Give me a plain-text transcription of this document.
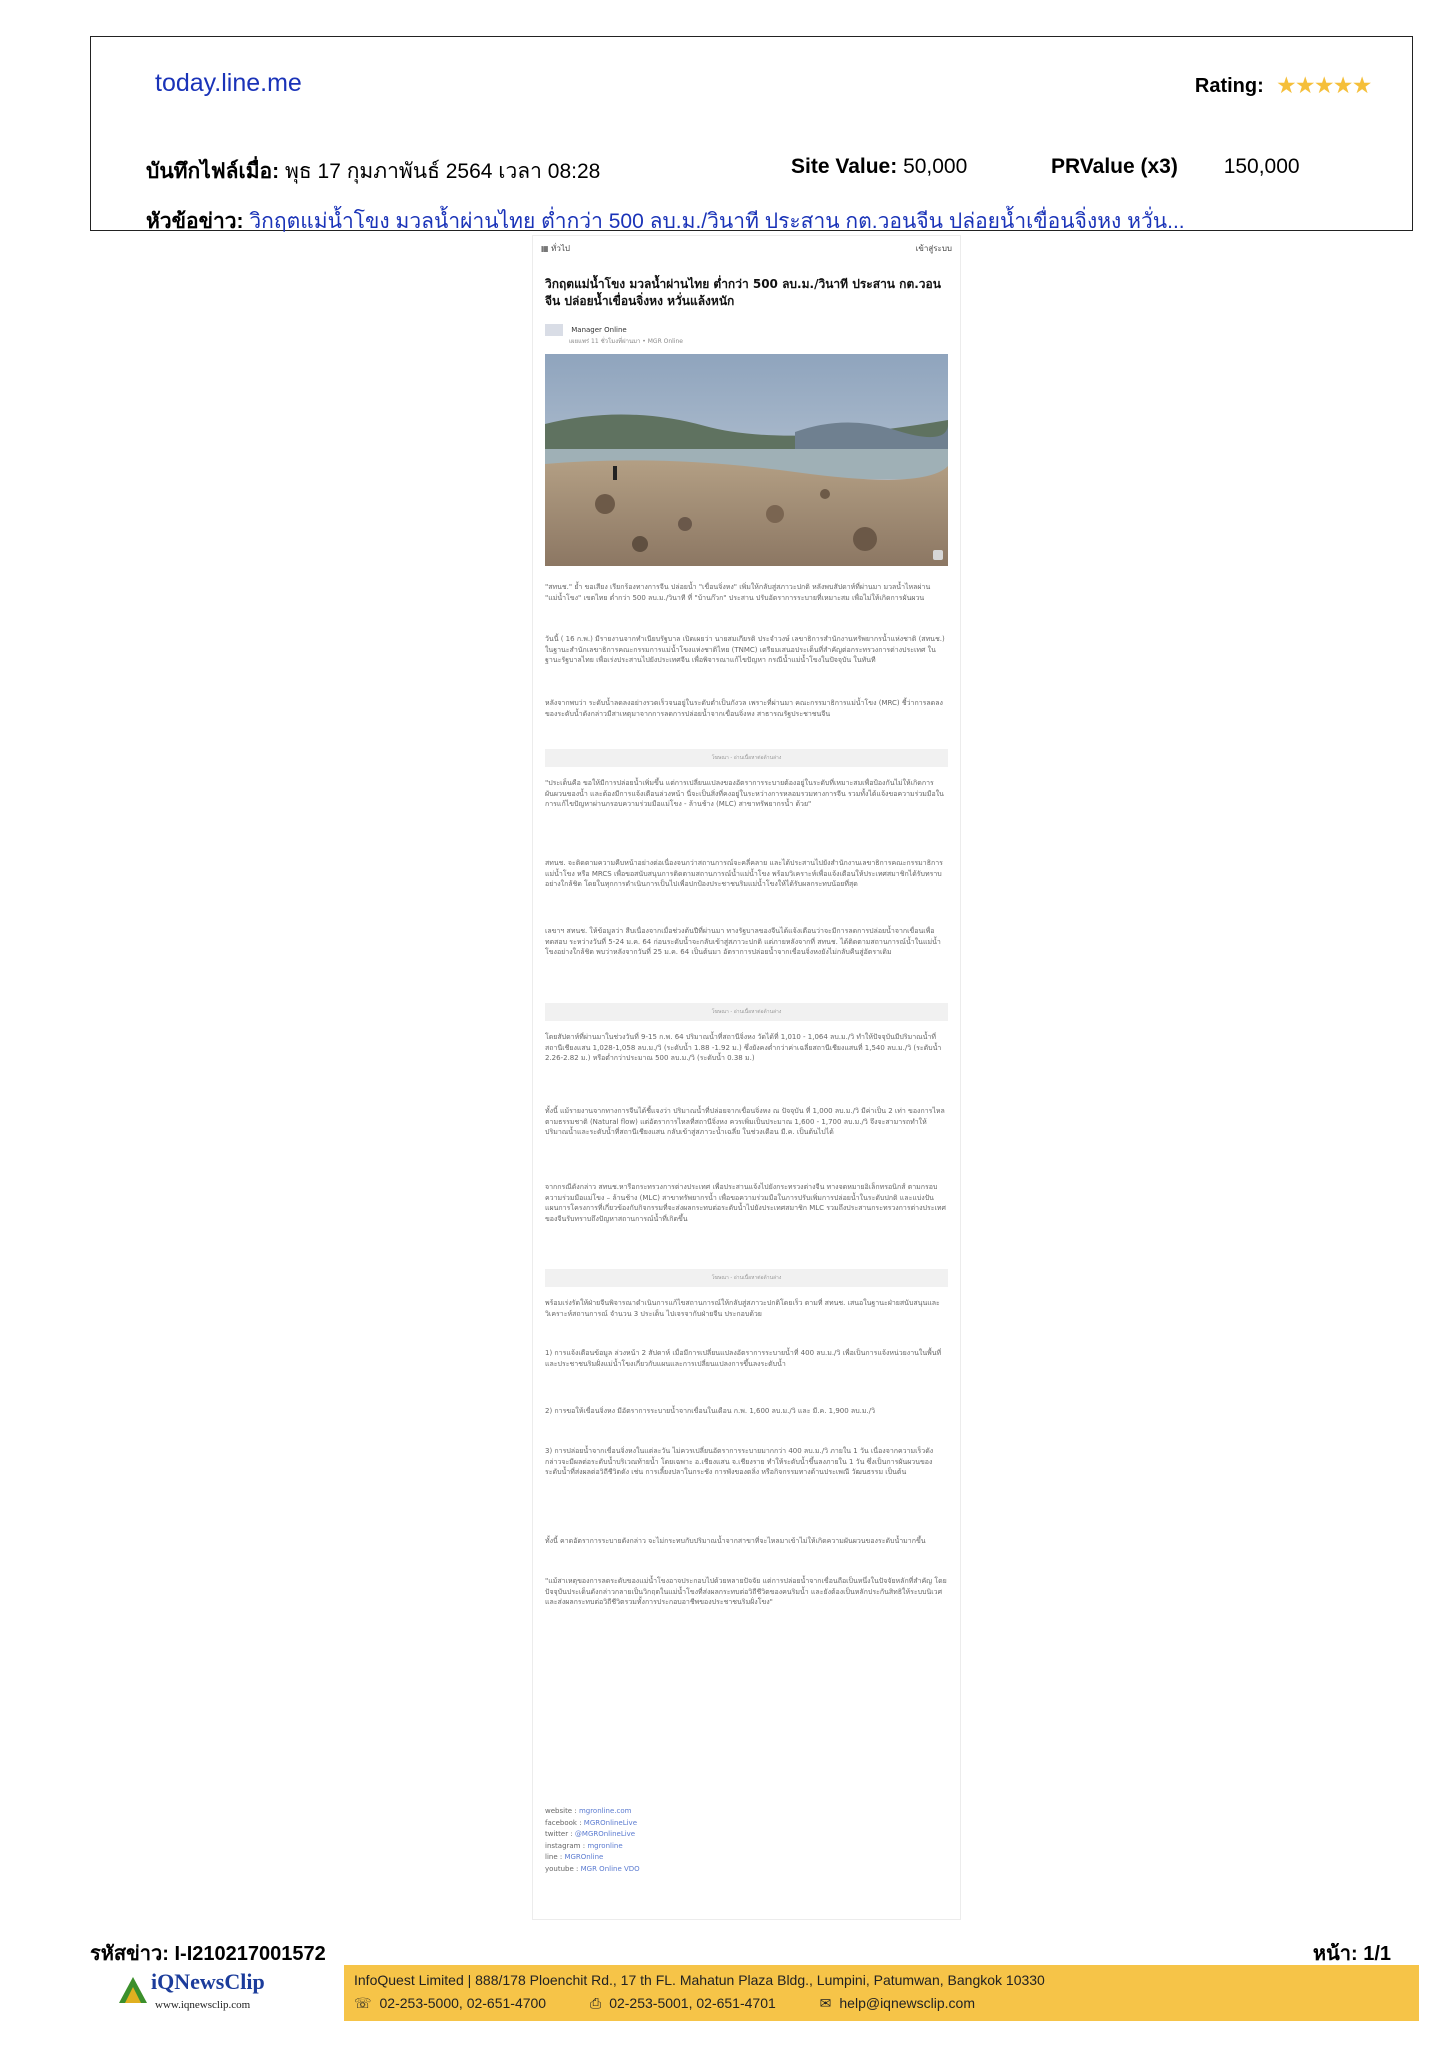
today.line.me	Rating: ★★★★★
บันทึกไฟล์เมื่อ: พุธ 17 กุมภาพันธ์ 2564 เวลา 08:28	Site Value: 50,000	PRValue (x3) 150,000
หัวข้อข่าว: วิกฤตแม่น้ำโขง มวลน้ำผ่านไทย ต่ำกว่า 500 ลบ.ม./วินาที ประสาน กต.วอนจีน ปล่อยน้ำเขื่อนจิ่งหง หวั่น...
▦ ทั่วไป	เข้าสู่ระบบ
วิกฤตแม่น้ำโขง มวลน้ำผ่านไทย ต่ำกว่า 500 ลบ.ม./วินาที ประสาน กต.วอนจีน ปล่อยน้ำเขื่อนจิ่งหง หวั่นแล้งหนัก
Manager Online
เผยแพร่ 11 ชั่วโมงที่ผ่านมา • MGR Online
"สทนช." ย้ำ ขอเสียง เรียกร้องทางการจีน ปล่อยน้ำ "เขื่อนจิ่งหง" เพิ่มให้กลับสู่สภาวะปกติ หลังพบสัปดาห์ที่ผ่านมา มวลน้ำไหลผ่าน "แม่น้ำโขง" เขตไทย ต่ำกว่า 500 ลบ.ม./วินาที ที่ "บ้านก๊วก" ประสาน ปรับอัตราการระบายที่เหมาะสม เพื่อไม่ให้เกิดการผันผวน
วันนี้ ( 16 ก.พ.) มีรายงานจากทำเนียบรัฐบาล เปิดเผยว่า นายสมเกียรติ ประจำวงษ์ เลขาธิการสำนักงานทรัพยากรน้ำแห่งชาติ (สทนช.) ในฐานะสำนักเลขาธิการคณะกรรมการแม่น้ำโขงแห่งชาติไทย (TNMC) เตรียมเสนอประเด็นที่สำคัญต่อกระทรวงการต่างประเทศ ในฐานะรัฐบาลไทย เพื่อเร่งประสานไปยังประเทศจีน เพื่อพิจารณาแก้ไขปัญหา กรณีน้ำแม่น้ำโขงในปัจจุบัน ในทันที
หลังจากพบว่า ระดับน้ำลดลงอย่างรวดเร็วจนอยู่ในระดับต่ำเป็นกังวล เพราะที่ผ่านมา คณะกรรมาธิการแม่น้ำโขง (MRC) ชี้ว่าการลดลงของระดับน้ำดังกล่าวมีสาเหตุมาจากการลดการปล่อยน้ำจากเขื่อนจิ่งหง สาธารณรัฐประชาชนจีน
โฆษณา - อ่านเนื้อหาต่อด้านล่าง
"ประเด็นคือ ขอให้มีการปล่อยน้ำเพิ่มขึ้น แต่การเปลี่ยนแปลงของอัตราการระบายต้องอยู่ในระดับที่เหมาะสมเพื่อป้องกันไม่ให้เกิดการผันผวนของน้ำ และต้องมีการแจ้งเตือนล่วงหน้า นี่จะเป็นสิ่งที่คงอยู่ในระหว่างการหลอมรวมทางการจีน รวมทั้งได้แจ้งขอความร่วมมือในการแก้ไขปัญหาผ่านกรอบความร่วมมือแม่โขง - ล้านช้าง (MLC) สาขาทรัพยากรน้ำ ด้วย"
สทนช. จะติดตามความคืบหน้าอย่างต่อเนื่องจนกว่าสถานการณ์จะคลี่คลาย และได้ประสานไปยังสำนักงานเลขาธิการคณะกรรมาธิการแม่น้ำโขง หรือ MRCS เพื่อขอสนับสนุนการติดตามสถานการณ์น้ำแม่น้ำโขง พร้อมวิเคราะห์เพื่อแจ้งเตือนให้ประเทศสมาชิกได้รับทราบอย่างใกล้ชิด โดยในทุกการดำเนินการเป็นไปเพื่อปกป้องประชาชนริมแม่น้ำโขงให้ได้รับผลกระทบน้อยที่สุด
เลขาฯ สทนช. ให้ข้อมูลว่า สืบเนื่องจากเมื่อช่วงต้นปีที่ผ่านมา ทางรัฐบาลของจีนได้แจ้งเตือนว่าจะมีการลดการปล่อยน้ำจากเขื่อนเพื่อทดสอบ ระหว่างวันที่ 5-24 ม.ค. 64 ก่อนระดับน้ำจะกลับเข้าสู่สภาวะปกติ แต่ภายหลังจากที่ สทนช. ได้ติดตามสถานการณ์น้ำในแม่น้ำโขงอย่างใกล้ชิด พบว่าหลังจากวันที่ 25 ม.ค. 64 เป็นต้นมา อัตราการปล่อยน้ำจากเขื่อนจิ่งหงยังไม่กลับคืนสู่อัตราเดิม
โฆษณา - อ่านเนื้อหาต่อด้านล่าง
โดยสัปดาห์ที่ผ่านมาในช่วงวันที่ 9-15 ก.พ. 64 ปริมาณน้ำที่สถานีจิ่งหง วัดได้ที่ 1,010 - 1,064 ลบ.ม./วิ ทำให้ปัจจุบันมีปริมาณน้ำที่สถานีเชียงแสน 1,028-1,058 ลบ.ม./วิ (ระดับน้ำ 1.88 -1.92 ม.) ซึ่งยังคงต่ำกว่าค่าเฉลี่ยสถานีเชียงแสนที่ 1,540 ลบ.ม./วิ (ระดับน้ำ 2.26-2.82 ม.) หรือต่ำกว่าประมาณ 500 ลบ.ม./วิ (ระดับน้ำ 0.38 ม.)
ทั้งนี้ แม้รายงานจากทางการจีนได้ชี้แจงว่า ปริมาณน้ำที่ปล่อยจากเขื่อนจิ่งหง ณ ปัจจุบัน ที่ 1,000 ลบ.ม./วิ มีค่าเป็น 2 เท่า ของการไหลตามธรรมชาติ (Natural flow) แต่อัตราการไหลที่สถานีจิ่งหง ควรเพิ่มเป็นประมาณ 1,600 - 1,700 ลบ.ม./วิ จึงจะสามารถทำให้ปริมาณน้ำและระดับน้ำที่สถานีเชียงแสน กลับเข้าสู่สภาวะน้ำเฉลี่ย ในช่วงเดือน มี.ค. เป็นต้นไปได้
จากกรณีดังกล่าว สทนช.หารือกระทรวงการต่างประเทศ เพื่อประสานแจ้งไปยังกระทรวงต่างจีน ทางจดหมายอิเล็กทรอนิกส์ ตามกรอบความร่วมมือแม่โขง – ล้านช้าง (MLC) สาขาทรัพยากรน้ำ เพื่อขอความร่วมมือในการปรับเพิ่มการปล่อยน้ำในระดับปกติ และแบ่งปันแผนการโครงการที่เกี่ยวข้องกับกิจกรรมที่จะส่งผลกระทบต่อระดับน้ำไปยังประเทศสมาชิก MLC รวมถึงประสานกระทรวงการต่างประเทศของจีนรับทราบถึงปัญหาสถานการณ์น้ำที่เกิดขึ้น
โฆษณา - อ่านเนื้อหาต่อด้านล่าง
พร้อมเร่งรัดให้ฝ่ายจีนพิจารณาดำเนินการแก้ไขสถานการณ์ให้กลับสู่สภาวะปกติโดยเร็ว ตามที่ สทนช. เสนอในฐานะฝ่ายสนับสนุนและวิเคราะห์สถานการณ์ จำนวน 3 ประเด็น ไปเจรจากับฝ่ายจีน ประกอบด้วย
1) การแจ้งเตือนข้อมูล ล่วงหน้า 2 สัปดาห์ เมื่อมีการเปลี่ยนแปลงอัตราการระบายน้ำที่ 400 ลบ.ม./วิ เพื่อเป็นการแจ้งหน่วยงานในพื้นที่และประชาชนริมฝั่งแม่น้ำโขงเกี่ยวกับแผนและการเปลี่ยนแปลงการขึ้นลงระดับน้ำ
2) การขอให้เขื่อนจิ่งหง มีอัตราการระบายน้ำจากเขื่อนในเดือน ก.พ. 1,600 ลบ.ม./วิ และ มี.ค. 1,900 ลบ.ม./วิ
3) การปล่อยน้ำจากเขื่อนจิ่งหงในแต่ละวัน ไม่ควรเปลี่ยนอัตราการระบายมากกว่า 400 ลบ.ม./วิ ภายใน 1 วัน เนื่องจากความเร็วดังกล่าวจะมีผลต่อระดับน้ำบริเวณท้ายน้ำ โดยเฉพาะ อ.เชียงแสน จ.เชียงราย ทำให้ระดับน้ำขึ้นลงภายใน 1 วัน ซึ่งเป็นการผันผวนของระดับน้ำที่ส่งผลต่อวิถีชีวิตดัง เช่น การเลี้ยงปลาในกระชัง การพังของตลิ่ง หรือกิจกรรมทางด้านประเพณี วัฒนธรรม เป็นต้น
ทั้งนี้ คาดอัตราการระบายดังกล่าว จะไม่กระทบกับปริมาณน้ำจากสาขาที่จะไหลมาเข้าไม่ให้เกิดความผันผวนของระดับน้ำมากขึ้น
"แม้สาเหตุของการลดระดับของแม่น้ำโขงอาจประกอบไปด้วยหลายปัจจัย แต่การปล่อยน้ำจากเขื่อนถือเป็นหนึ่งในปัจจัยหลักที่สำคัญ โดยปัจจุบันประเด็นดังกล่าวกลายเป็นวิกฤตในแม่น้ำโขงที่ส่งผลกระทบต่อวิถีชีวิตของคนริมน้ำ และยังต้องเป็นหลักประกันสิทธิให้ระบบนิเวศ และส่งผลกระทบต่อวิถีชีวิตรวมทั้งการประกอบอาชีพของประชาชนริมฝั่งโขง"
website : mgronline.com
facebook : MGROnlineLive
twitter : @MGROnlineLive
instagram : mgronline
line : MGROnline
youtube : MGR Online VDO
รหัสข่าว: I-I210217001572	หน้า: 1/1
iQNewsClip
www.iqnewsclip.com
InfoQuest Limited | 888/178 Ploenchit Rd., 17 th FL. Mahatun Plaza Bldg., Lumpini, Patumwan, Bangkok 10330
☏ 02-253-5000, 02-651-4700	⎙ 02-253-5001, 02-651-4701	✉ help@iqnewsclip.com
